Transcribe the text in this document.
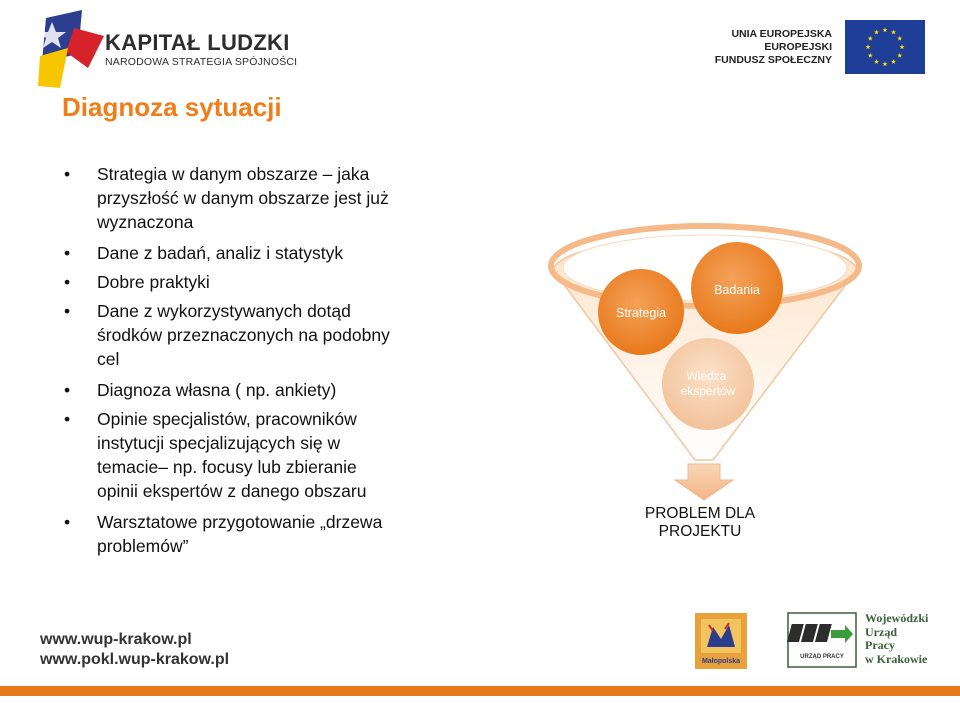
KAPITAŁ LUDZKI
NARODOWA STRATEGIA SPÓJNOŚCI
UNIA EUROPEJSKA
EUROPEJSKI
FUNDUSZ SPOŁECZNY
Diagnoza sytuacji
• Strategia w danym obszarze – jaka
przyszłość w danym obszarze jest już
wyznaczona
• Dane z badań, analiz i statystyk
• Dobre praktyki
• Dane z wykorzystywanych dotąd
środków przeznaczonych na podobny
cel
• Diagnoza własna ( np. ankiety)
• Opinie specjalistów, pracowników
instytucji specjalizujących się w
temacie– np. focusy lub zbieranie
opinii ekspertów z danego obszaru
• Warsztatowe przygotowanie „drzewa
problemów”
Strategia
Badania
Wiedza ekspertów
PROBLEM DLA
PROJEKTU
www.wup-krakow.pl
www.pokl.wup-krakow.pl	Małopolska
URZĄD PRACY
Wojewódzki
Urząd
Pracy
w Krakowie
